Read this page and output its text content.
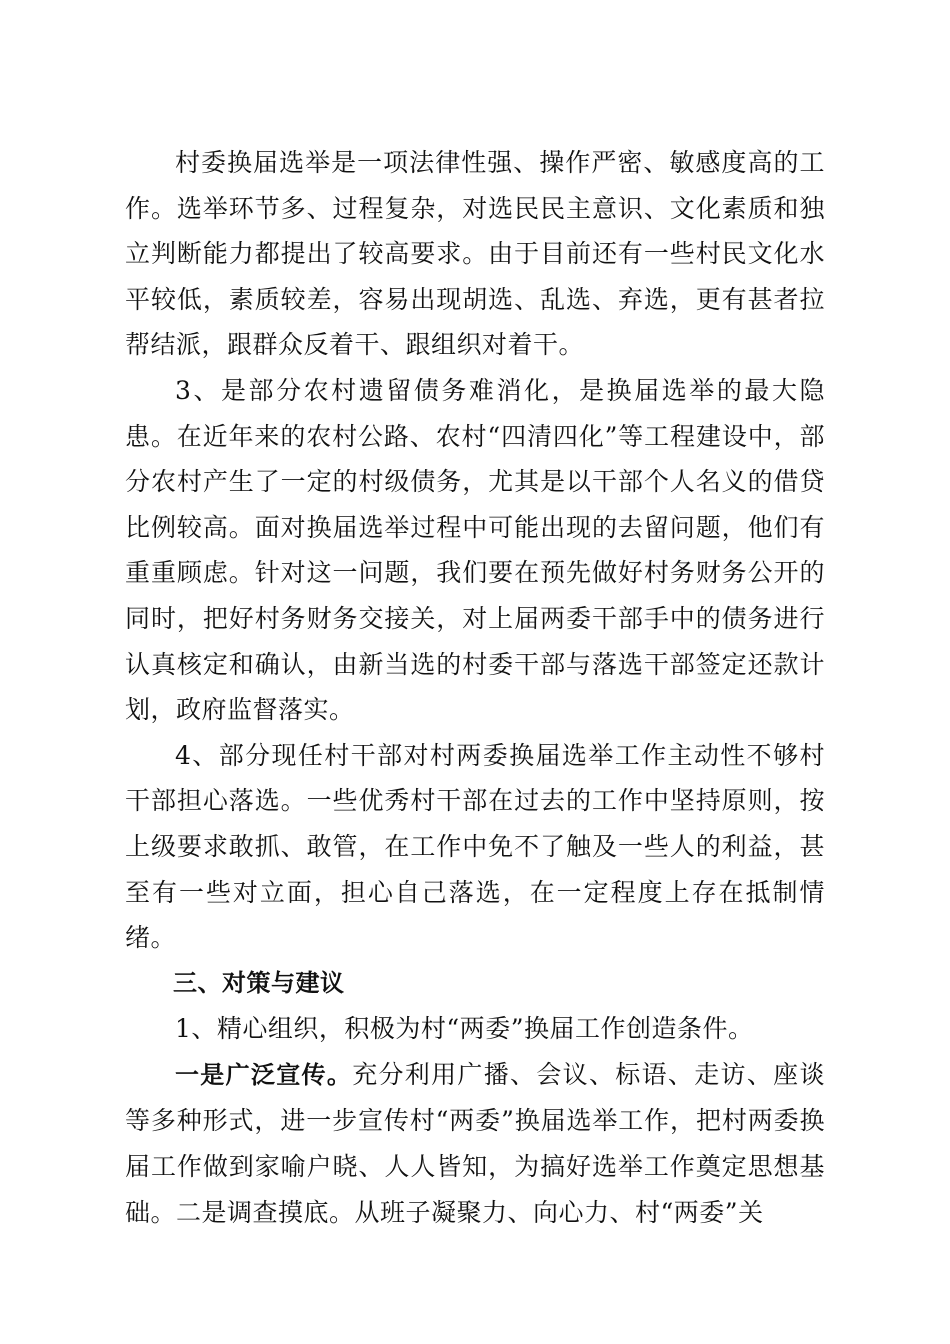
村委换届选举是一项法律性强、操作严密、敏感度高的工作。选举环节多、过程复杂，对选民民主意识、文化素质和独立判断能力都提出了较高要求。由于目前还有一些村民文化水平较低，素质较差，容易出现胡选、乱选、弃选，更有甚者拉帮结派，跟群众反着干、跟组织对着干。

3、是部分农村遗留债务难消化，是换届选举的最大隐患。在近年来的农村公路、农村“四清四化”等工程建设中，部分农村产生了一定的村级债务，尤其是以干部个人名义的借贷比例较高。面对换届选举过程中可能出现的去留问题，他们有重重顾虑。针对这一问题，我们要在预先做好村务财务公开的同时，把好村务财务交接关，对上届两委干部手中的债务进行认真核定和确认，由新当选的村委干部与落选干部签定还款计划，政府监督落实。

4、部分现任村干部对村两委换届选举工作主动性不够村干部担心落选。一些优秀村干部在过去的工作中坚持原则，按上级要求敢抓、敢管，在工作中免不了触及一些人的利益，甚至有一些对立面，担心自己落选，在一定程度上存在抵制情绪。

三、对策与建议

1、精心组织，积极为村“两委”换届工作创造条件。

一是广泛宣传。充分利用广播、会议、标语、走访、座谈等多种形式，进一步宣传村“两委”换届选举工作，把村两委换届工作做到家喻户晓、人人皆知，为搞好选举工作奠定思想基础。二是调查摸底。从班子凝聚力、向心力、村“两委”关
